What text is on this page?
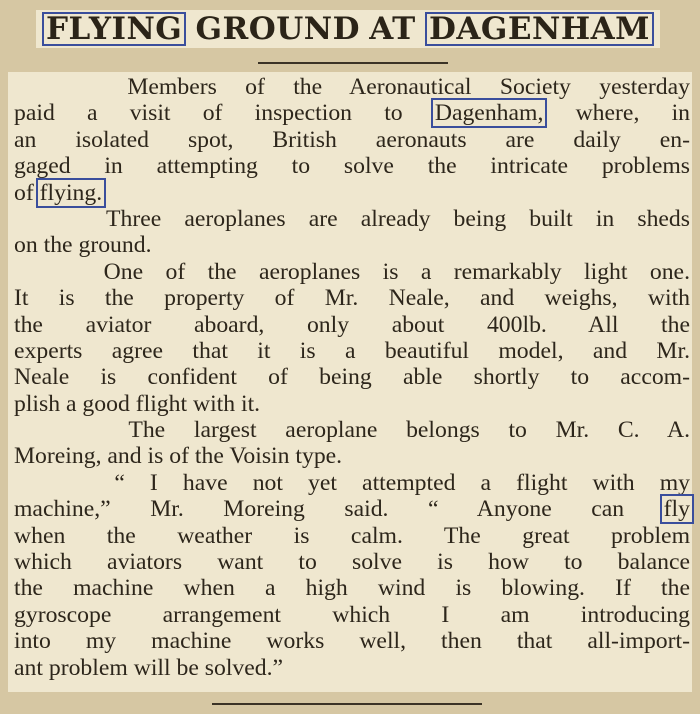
FLYING GROUND AT DAGENHAM
Members of the Aeronautical Society yesterday
paid a visit of inspection to Dagenham, where, in
an isolated spot, British aeronauts are daily en-
gaged in attempting to solve the intricate problems
of flying.
Three aeroplanes are already being built in sheds
on the ground.
One of the aeroplanes is a remarkably light one.
It is the property of Mr. Neale, and weighs, with
the aviator aboard, only about 400lb. All the
experts agree that it is a beautiful model, and Mr.
Neale is confident of being able shortly to accom-
plish a good flight with it.
The largest aeroplane belongs to Mr. C. A.
Moreing, and is of the Voisin type.
“ I have not yet attempted a flight with my
machine,” Mr. Moreing said. “ Anyone can fly
when the weather is calm. The great problem
which aviators want to solve is how to balance
the machine when a high wind is blowing. If the
gyroscope arrangement which I am introducing
into my machine works well, then that all-import-
ant problem will be solved.”
